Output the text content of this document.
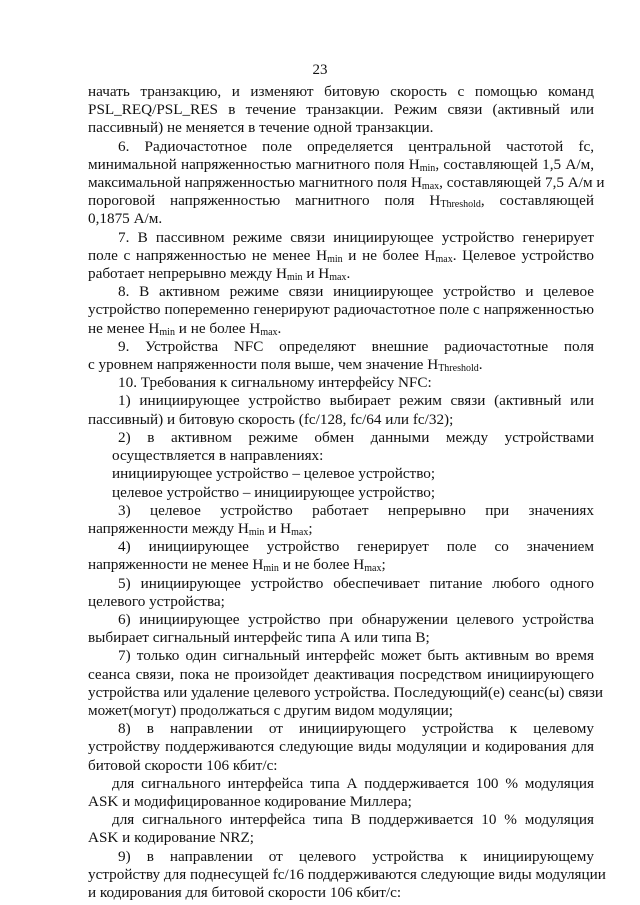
23
начать транзакцию, и изменяют битовую скорость с помощью команд
PSL_REQ/PSL_RES в течение транзакции. Режим связи (активный или
пассивный) не меняется в течение одной транзакции.
6. Радиочастотное поле определяется центральной частотой fc,
минимальной напряженностью магнитного поля $H_{min}$, составляющей 1,5 А/м,
максимальной напряженностью магнитного поля $H_{max}$, составляющей 7,5 А/м и
пороговой напряженностью магнитного поля $H_{Threshold}$, составляющей
0,1875 А/м.
7. В пассивном режиме связи инициирующее устройство генерирует
поле с напряженностью не менее $H_{min}$ и не более $H_{max}$. Целевое устройство
работает непрерывно между $H_{min}$ и $H_{max}$.
8. В активном режиме связи инициирующее устройство и целевое
устройство попеременно генерируют радиочастотное поле с напряженностью
не менее $H_{min}$ и не более $H_{max}$.
9. Устройства NFC определяют внешние радиочастотные поля
с уровнем напряженности поля выше, чем значение $H_{Threshold}$.
10. Требования к сигнальному интерфейсу NFC:
1) инициирующее устройство выбирает режим связи (активный или
пассивный) и битовую скорость (fc/128, fc/64 или fc/32);
2) в активном режиме обмен данными между устройствами
осуществляется в направлениях:
инициирующее устройство – целевое устройство;
целевое устройство – инициирующее устройство;
3) целевое устройство работает непрерывно при значениях
напряженности между $H_{min}$ и $H_{max}$;
4) инициирующее устройство генерирует поле со значением
напряженности не менее $H_{min}$ и не более $H_{max}$;
5) инициирующее устройство обеспечивает питание любого одного
целевого устройства;
6) инициирующее устройство при обнаружении целевого устройства
выбирает сигнальный интерфейс типа А или типа В;
7) только один сигнальный интерфейс может быть активным во время
сеанса связи, пока не произойдет деактивация посредством инициирующего
устройства или удаление целевого устройства. Последующий(е) сеанс(ы) связи
может(могут) продолжаться с другим видом модуляции;
8) в направлении от инициирующего устройства к целевому
устройству поддерживаются следующие виды модуляции и кодирования для
битовой скорости 106 кбит/с:
для сигнального интерфейса типа А поддерживается 100 % модуляция
ASK и модифицированное кодирование Миллера;
для сигнального интерфейса типа В поддерживается 10 % модуляция
ASK и кодирование NRZ;
9) в направлении от целевого устройства к инициирующему
устройству для поднесущей fc/16 поддерживаются следующие виды модуляции
и кодирования для битовой скорости 106 кбит/с:
